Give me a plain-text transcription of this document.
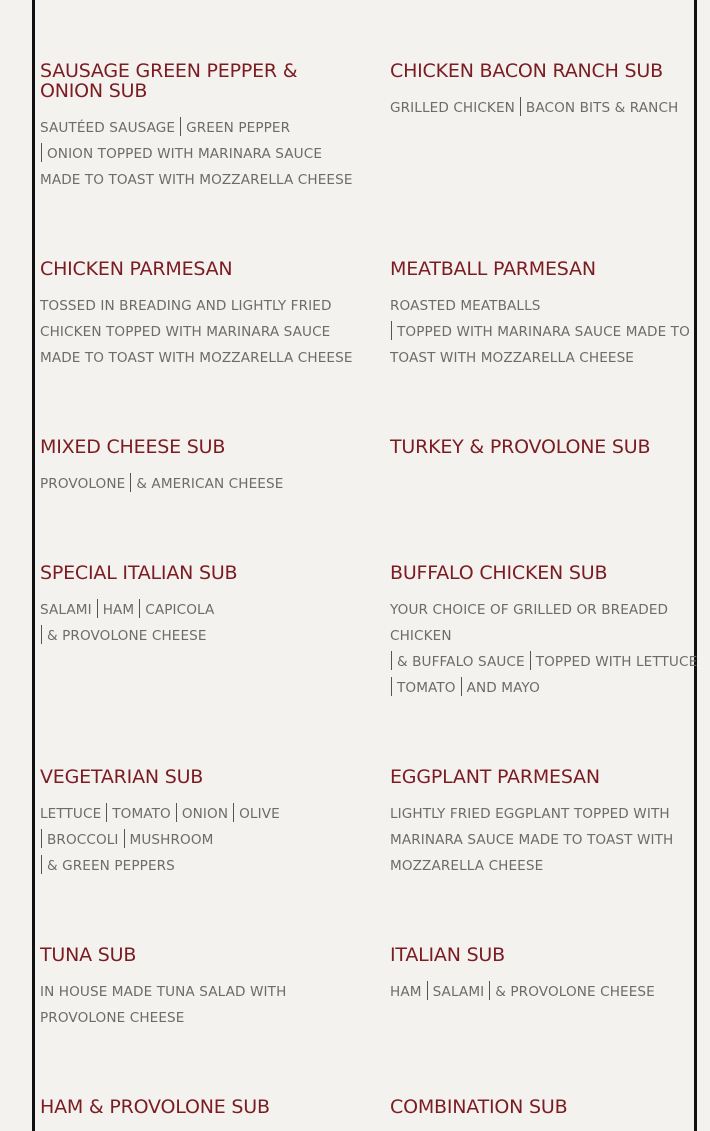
SAUSAGE GREEN PEPPER &
ONION SUB
SAUTÉED SAUSAGE GREEN PEPPER
ONION TOPPED WITH MARINARA SAUCE
MADE TO TOAST WITH MOZZARELLA CHEESE
CHICKEN BACON RANCH SUB
GRILLED CHICKEN BACON BITS & RANCH
CHICKEN PARMESAN
TOSSED IN BREADING AND LIGHTLY FRIED
CHICKEN TOPPED WITH MARINARA SAUCE
MADE TO TOAST WITH MOZZARELLA CHEESE
MEATBALL PARMESAN
ROASTED MEATBALLS
TOPPED WITH MARINARA SAUCE MADE TO
TOAST WITH MOZZARELLA CHEESE
MIXED CHEESE SUB
PROVOLONE & AMERICAN CHEESE
TURKEY & PROVOLONE SUB
SPECIAL ITALIAN SUB
SALAMI HAM CAPICOLA
& PROVOLONE CHEESE
BUFFALO CHICKEN SUB
YOUR CHOICE OF GRILLED OR BREADED
CHICKEN
& BUFFALO SAUCE TOPPED WITH LETTUCE
TOMATO AND MAYO
VEGETARIAN SUB
LETTUCE TOMATO ONION OLIVE
BROCCOLI MUSHROOM
& GREEN PEPPERS
EGGPLANT PARMESAN
LIGHTLY FRIED EGGPLANT TOPPED WITH
MARINARA SAUCE MADE TO TOAST WITH
MOZZARELLA CHEESE
TUNA SUB
IN HOUSE MADE TUNA SALAD WITH
PROVOLONE CHEESE
ITALIAN SUB
HAM SALAMI & PROVOLONE CHEESE
HAM & PROVOLONE SUB	COMBINATION SUB
